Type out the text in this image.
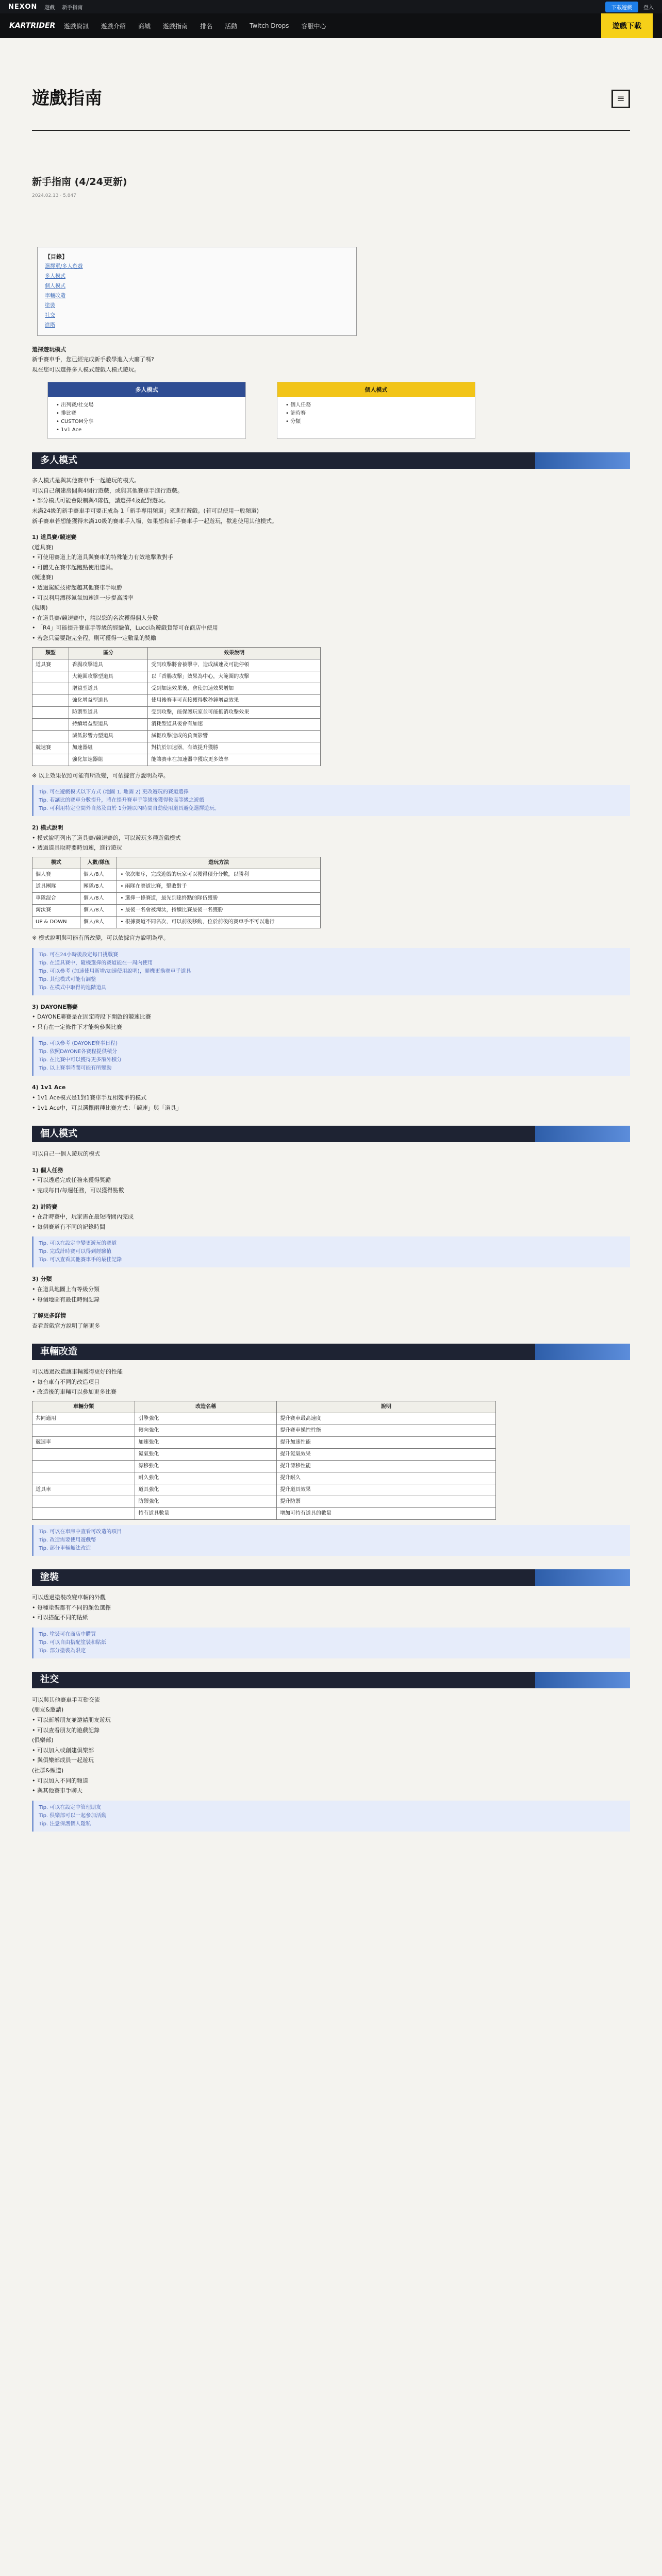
NEXON 遊戲 新手指南	下載遊戲	登入
KARTRIDER	遊戲資訊	遊戲介紹	商城	遊戲指南	排名	活動	Twitch Drops	客服中心	遊戲下載
遊戲指南	≡
新手指南 (4/24更新)
2024.02.13 · 5,847
【目錄】
選擇單/多人遊戲
多人模式
個人模式
車輛改造
塗裝
社交
進階

選擇遊玩模式

新手賽車手，您已經完成新手教學進入大廳了嗎?

現在您可以選擇多人模式遊戲人模式遊玩。

多人模式
• 出列賽/社交場
• 排比賽
• CUSTOM分享
• 1v1 Ace
個人模式
• 個人任務
• 計時賽
• 分類
多人模式

多人模式是與其他賽車手一起遊玩的模式。

可以自己創建房間與4個行遊戲，或與其他賽車手進行遊戲。

• 部分模式可能會限制與4隊伍，請選擇4及配對遊玩。

未滿24級的新手賽車手可要正成為 1「新手專用頻道」來進行遊戲。(若可以使用一般頻道)

新手賽車若想能獲得未滿10級的賽車手入場，如果想和新手賽車手一起遊玩，歡迎使用其他模式。

1) 道具賽/競速賽

(道具賽)

• 可使用賽道上的道具與賽車的特殊能力有效地擊敗對手

• 可體先在賽車起跑點使用道具。

(競速賽)

• 透過駕駛技術超越其他賽車手取勝

• 可以利用漂移氮氣加速進一步提高勝率

(規則)

• 在道具賽/競速賽中，請以您的名次獲得個人分數

• 「R4」可能提升賽車手等級的經驗值，Lucci為遊戲貨幣可在商店中使用

• 若您只需要跑完全程，則可獲得一定數量的獎勵

類型	區分	效果說明
道具賽	香腸攻擊道具	受到攻擊將會被擊中，造成減速及可能停頓
	大範圍攻擊型道具	以「香腸攻擊」效果為中心，大範圍的攻擊
	增益型道具	受到加速效果後，會使加速效果增加
	強化增益型道具	使用後賽車可直接獲得數秒鐘增益效果
	防禦型道具	受到攻擊，能保護玩家並可能抵消攻擊效果
	持續增益型道具	消耗型道具後會有加速
	減低影響力型道具	減輕攻擊造成的負面影響
競速賽	加速器組	對抗於加速器，有效提升獲勝
	強化加速器組	能讓賽車在加速器中獲取更多效率

※ 以上效果依照可能有所改變，可依據官方說明為準。

Tip. 可在遊戲模式以下方式 (地圖 1, 地圖 2) 更改遊玩的賽道選擇
Tip. 若讓比的賽車分數提升，將在提升賽車手等級後獲得較高等級之遊戲
Tip. 可利用特定空間外自然及由於 1分鐘以內時間自動使用道具避免選擇遊玩。
2) 模式說明

• 模式說明列出了道具賽/競速賽的，可以遊玩多種遊戲模式

• 透過道具取時要時加速，進行遊玩

模式	人數/隊伍	遊玩方法
個人賽	個人/8人	• 依次順序，完成遊戲的玩家可以獲得積分分數，以勝利
道具團隊	團隊/8人	• 兩隊在賽道比賽，擊敗對手
車隊混合	個人/8人	• 選擇一條賽道，最先到達終點的隊伍獲勝
淘汰賽	個人/8人	• 最後一名會被淘汰，持續比賽最後一名獲勝
UP & DOWN	個人/8人	• 根據賽道不同名次，可以前後移動，位於前後的賽車手不可以進行

※ 模式說明與可能有所改變，可以依據官方說明為準。

Tip. 可在24小時後設定每日挑戰賽
Tip. 在道具賽中，隨機選擇的賽道能在一周內使用
Tip. 可以參考 (加速使用新增/加速使用說明)，隨機更換賽車手道具
Tip. 其他模式可能有調整
Tip. 在模式中取得的進階道具
3) DAYONE聯賽

• DAYONE聯賽是在固定時段下開啟的競速比賽

• 只有在一定條件下才能夠參與比賽

Tip. 可以參考 (DAYONE賽事日程)
Tip. 依照DAYONE各賽程提供積分
Tip. 在比賽中可以獲得更多額外積分
Tip. 以上賽事時間可能有所變動
4) 1v1 Ace

• 1v1 Ace模式是1對1賽車手互相競爭的模式

• 1v1 Ace中，可以選擇兩種比賽方式：「競速」與「道具」

個人模式

可以自己一個人遊玩的模式

1) 個人任務

• 可以透過完成任務來獲得獎勵

• 完成每日/每週任務，可以獲得點數

2) 計時賽

• 在計時賽中，玩家需在最短時間內完成

• 每個賽道有不同的記錄時間

Tip. 可以在設定中變更遊玩的賽道
Tip. 完成計時賽可以得到經驗值
Tip. 可以查看其他賽車手的最佳記錄
3) 分類

• 在道具地圖上有等級分類

• 每個地圖有最佳時間記錄

了解更多詳情

查看遊戲官方說明了解更多

車輛改造

可以透過改造讓車輛獲得更好的性能

• 每台車有不同的改造項目

• 改造後的車輛可以參加更多比賽

車輛分類	改造名稱	說明
共同適用	引擎強化	提升賽車最高速度
	轉向強化	提升賽車操控性能
競速車	加速強化	提升加速性能
	氮氣強化	提升氮氣效果
	漂移強化	提升漂移性能
	耐久強化	提升耐久
道具車	道具強化	提升道具效果
	防禦強化	提升防禦
	持有道具數量	增加可持有道具的數量
Tip. 可以在車庫中查看可改造的項目
Tip. 改造需要使用遊戲幣
Tip. 部分車輛無法改造
塗裝

可以透過塗裝改變車輛的外觀

• 每種塗裝都有不同的顏色選擇

• 可以搭配不同的貼紙

Tip. 塗裝可在商店中購買
Tip. 可以自由搭配塗裝和貼紙
Tip. 部分塗裝為限定
社交

可以與其他賽車手互動交流

(朋友&邀請)

• 可以新增朋友並邀請朋友遊玩

• 可以查看朋友的遊戲記錄

(俱樂部)

• 可以加入或創建俱樂部

• 與俱樂部成員一起遊玩

(社群&頻道)

• 可以加入不同的頻道

• 與其他賽車手聊天

Tip. 可以在設定中管理朋友
Tip. 俱樂部可以一起參加活動
Tip. 注意保護個人隱私
